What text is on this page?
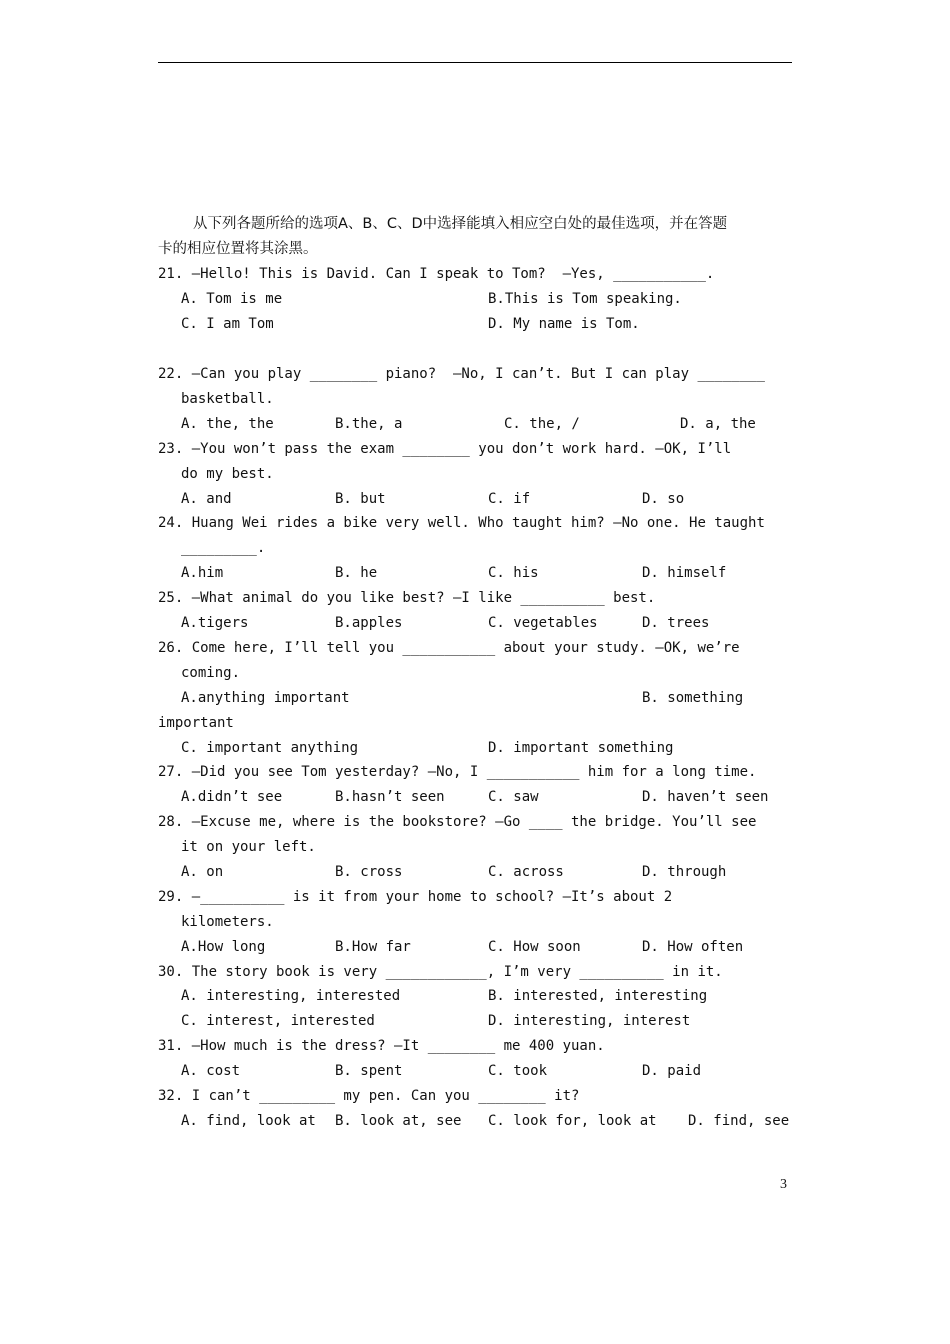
从下列各题所给的选项A、B、C、D中选择能填入相应空白处的最佳选项，并在答题
卡的相应位置将其涂黑。
21. —Hello! This is David. Can I speak to Tom?  —Yes, ___________.
A. Tom is me	B.This is Tom speaking.
C. I am Tom	D. My name is Tom.
22. —Can you play ________ piano?  —No, I can’t. But I can play ________
basketball.
A. the, the	B.the, a	C. the, /	D. a, the
23. —You won’t pass the exam ________ you don’t work hard. —OK, I’ll
do my best.
A. and	B. but	C. if	D. so
24. Huang Wei rides a bike very well. Who taught him? —No one. He taught
_________.
A.him	B. he	C. his	D. himself
25. —What animal do you like best? —I like __________ best.
A.tigers	B.apples	C. vegetables	D. trees
26. Come here, I’ll tell you ___________ about your study. —OK, we’re
coming.
A.anything important	B. something
important
C. important anything	D. important something
27. —Did you see Tom yesterday? —No, I ___________ him for a long time.
A.didn’t see	B.hasn’t seen	C. saw	D. haven’t seen
28. —Excuse me, where is the bookstore? —Go ____ the bridge. You’ll see
it on your left.
A. on	B. cross	C. across	D. through
29. —__________ is it from your home to school? —It’s about 2
kilometers.
A.How long	B.How far	C. How soon	D. How often
30. The story book is very ____________, I’m very __________ in it.
A. interesting, interested	B. interested, interesting
C. interest, interested	D. interesting, interest
31. —How much is the dress? —It ________ me 400 yuan.
A. cost	B. spent	C. took	D. paid
32. I can’t _________ my pen. Can you ________ it?
A. find, look at B. look at, see C. look for, look at D. find, see
3
